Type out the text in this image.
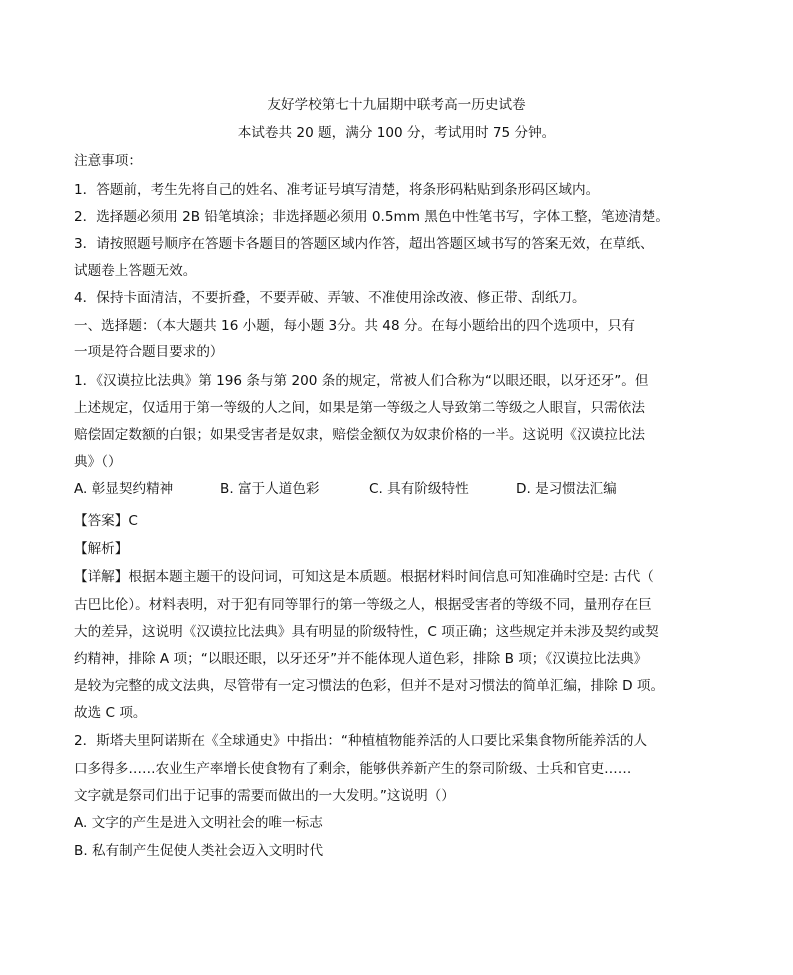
友好学校第七十九届期中联考高一历史试卷
本试卷共 20 题，满分 100 分，考试用时 75 分钟。
注意事项：
1．答题前，考生先将自己的姓名、准考证号填写清楚，将条形码粘贴到条形码区域内。
2．选择题必须用 2B 铅笔填涂；非选择题必须用 0.5mm 黑色中性笔书写，字体工整，笔迹清楚。
3．请按照题号顺序在答题卡各题目的答题区域内作答，超出答题区域书写的答案无效，在草纸、
试题卷上答题无效。
4．保持卡面清洁，不要折叠，不要弄破、弄皱、不准使用涂改液、修正带、刮纸刀。
一、选择题：（本大题共 16 小题，每小题 3分。共 48 分。在每小题给出的四个选项中，只有
一项是符合题目要求的）
1．《汉谟拉比法典》第 196 条与第 200 条的规定，常被人们合称为“以眼还眼，以牙还牙”。但
上述规定，仅适用于第一等级的人之间，如果是第一等级之人导致第二等级之人眼盲，只需依法
赔偿固定数额的白银；如果受害者是奴隶，赔偿金额仅为奴隶价格的一半。这说明《汉谟拉比法
典》（）
A. 彰显契约精神	B. 富于人道色彩	C. 具有阶级特性	D. 是习惯法汇编
【答案】C
【解析】
【详解】根据本题主题干的设问词，可知这是本质题。根据材料时间信息可知准确时空是: 古代（
古巴比伦）。材料表明，对于犯有同等罪行的第一等级之人，根据受害者的等级不同，量刑存在巨
大的差异，这说明《汉谟拉比法典》具有明显的阶级特性，C 项正确；这些规定并未涉及契约或契
约精神，排除 A 项；“以眼还眼，以牙还牙”并不能体现人道色彩，排除 B 项；《汉谟拉比法典》
是较为完整的成文法典，尽管带有一定习惯法的色彩，但并不是对习惯法的简单汇编，排除 D 项。
故选 C 项。
2．斯塔夫里阿诺斯在《全球通史》中指出：“种植植物能养活的人口要比采集食物所能养活的人
口多得多……农业生产率增长使食物有了剩余，能够供养新产生的祭司阶级、士兵和官吏……
文字就是祭司们出于记事的需要而做出的一大发明。”这说明（）
A. 文字的产生是进入文明社会的唯一标志
B. 私有制产生促使人类社会迈入文明时代
